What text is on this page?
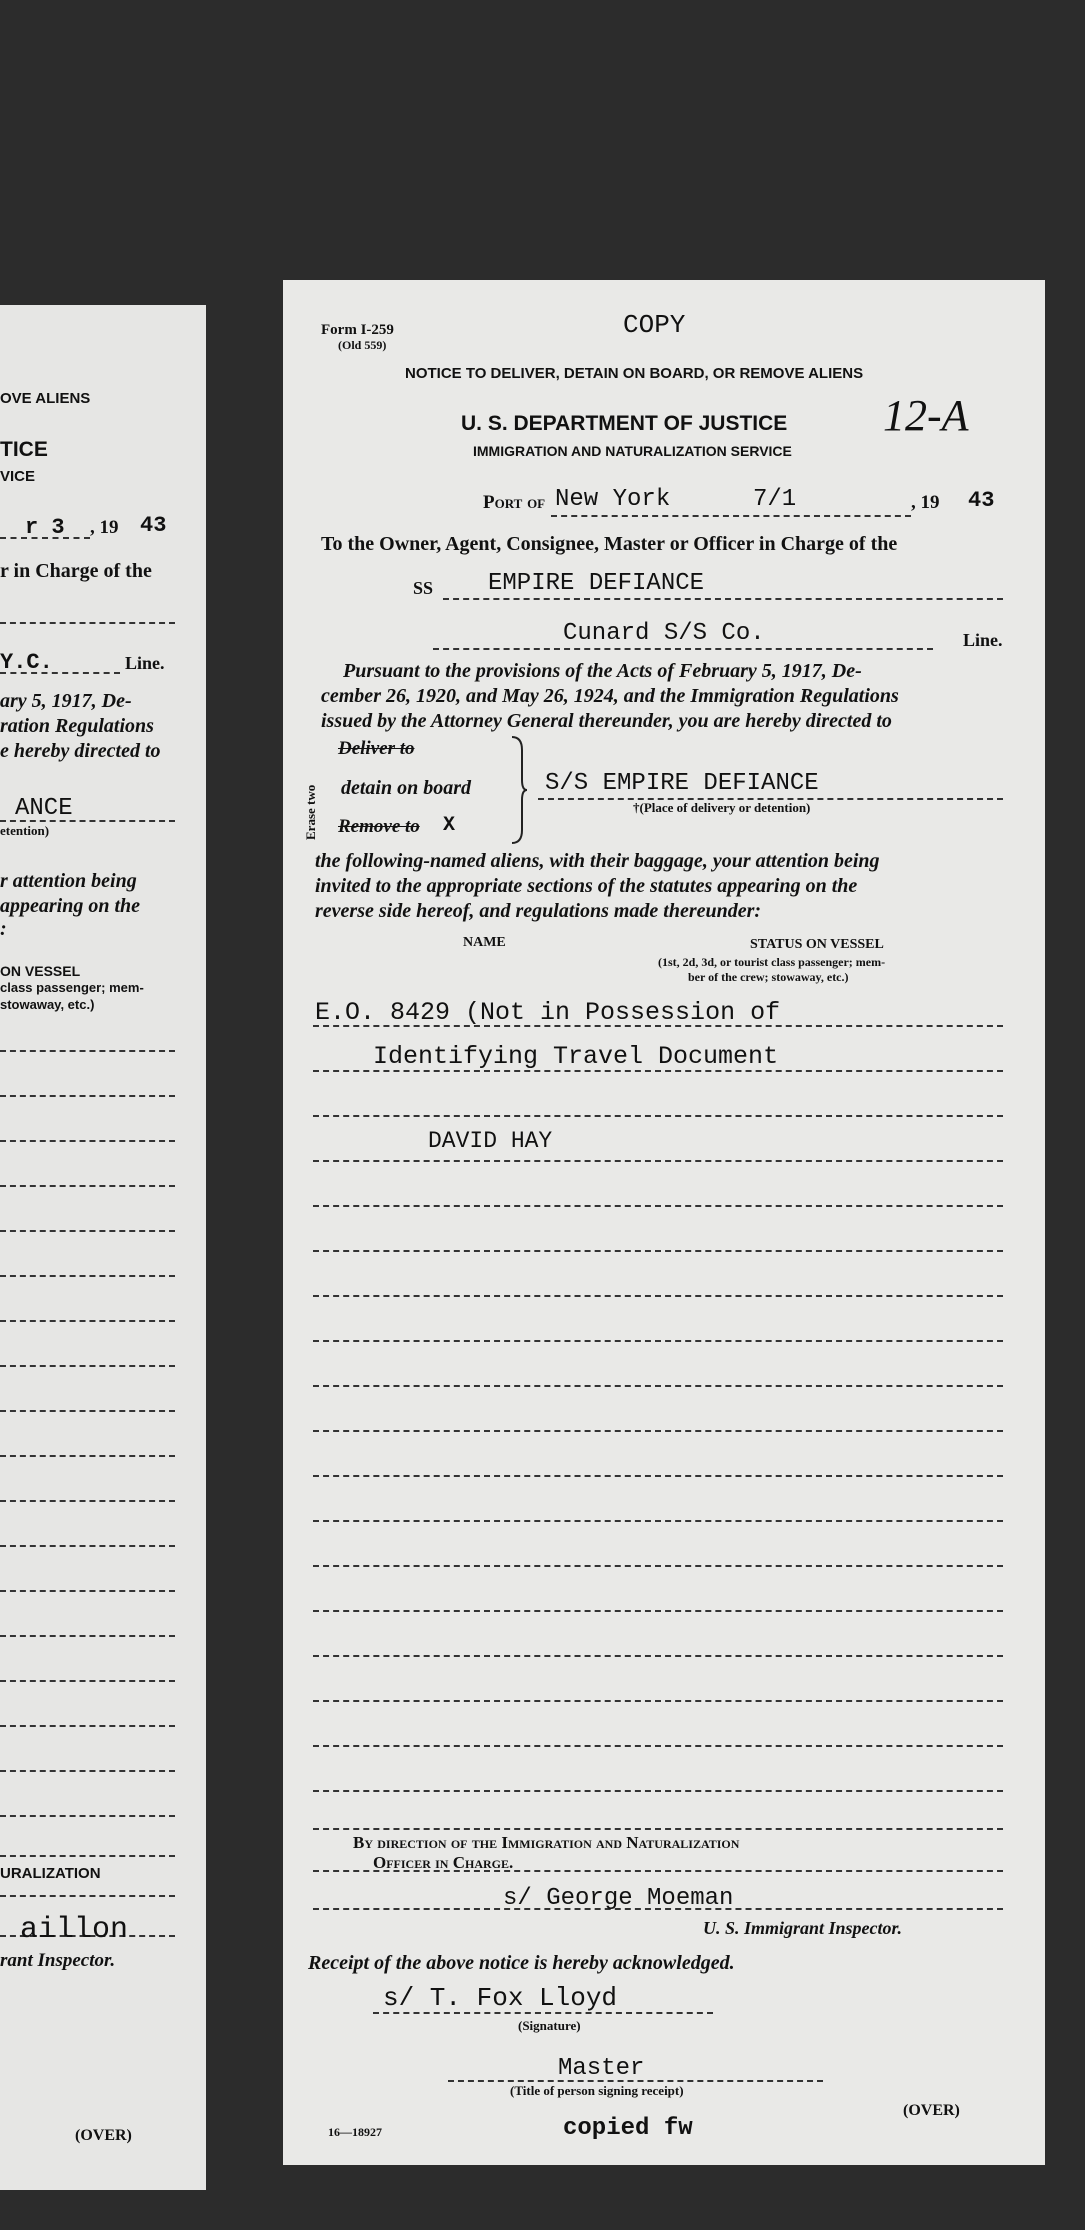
OVE ALIENS
TICE
VICE
r 3 , 19 43
r in Charge of the
Y.C.	Line.
ary 5, 1917, De-
ration Regulations
e hereby directed to
ANCE
etention)
r attention being
appearing on the
:
ON VESSEL
class passenger; mem-
stowaway, etc.)
URALIZATION
aillon
rant Inspector.
(OVER)
Form I-259
(Old 559)
COPY
NOTICE TO DELIVER, DETAIN ON BOARD, OR REMOVE ALIENS
U. S. DEPARTMENT OF JUSTICE
IMMIGRATION AND NATURALIZATION SERVICE
12-A
Port of New York	7/1	, 19 43
To the Owner, Agent, Consignee, Master or Officer in Charge of the
SS EMPIRE DEFIANCE
Cunard S/S Co.	Line.
Pursuant to the provisions of the Acts of February 5, 1917, De-
cember 26, 1920, and May 26, 1924, and the Immigration Regulations
issued by the Attorney General thereunder, you are hereby directed to
Erase two
Deliver to
detain on board
Remove to X
S/S EMPIRE DEFIANCE
†(Place of delivery or detention)
the following-named aliens, with their baggage, your attention being
invited to the appropriate sections of the statutes appearing on the
reverse side hereof, and regulations made thereunder:
NAME	STATUS ON VESSEL
(1st, 2d, 3d, or tourist class passenger; mem-
ber of the crew; stowaway, etc.)
E.O. 8429 (Not in Possession of
Identifying Travel Document
DAVID HAY
By direction of the Immigration and Naturalization
Officer in Charge.
s/ George Moeman
U. S. Immigrant Inspector.
Receipt of the above notice is hereby acknowledged.
s/ T. Fox Lloyd
(Signature)
Master
(Title of person signing receipt)
16—18927	copied fw
(OVER)
